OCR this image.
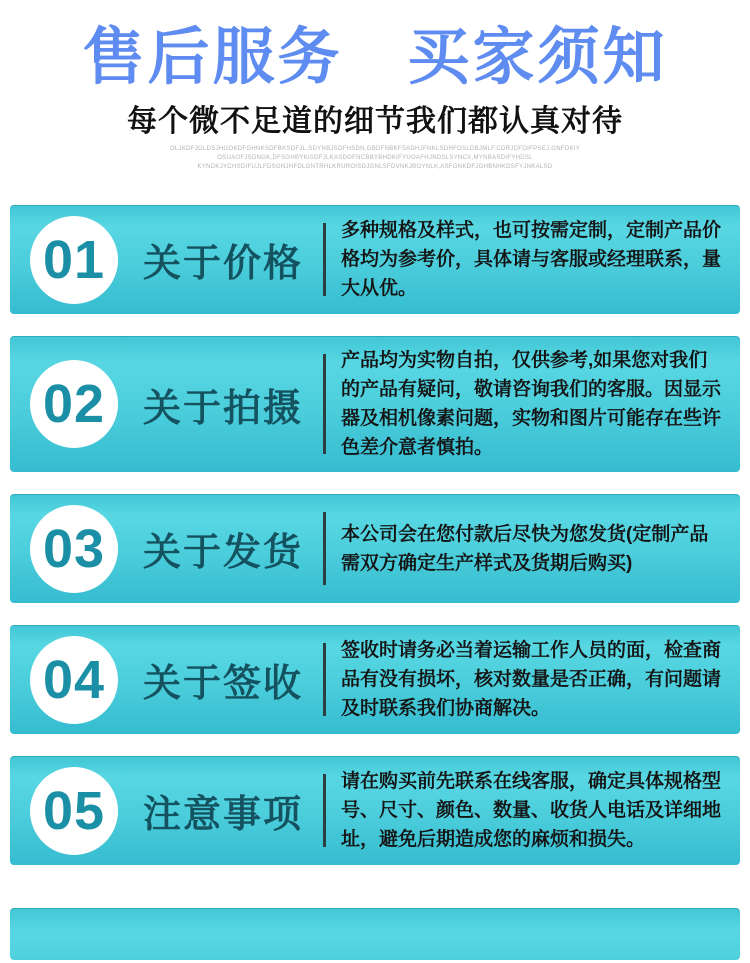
售后服务　买家须知
每个微不足道的细节我们都认真对待
OLJKDFJGLDSJHGOKDFGHNKSDFBKSDFJL,SDYNBJSDFHSDN,GBDFNBKFSADHJFNKLSDHFOSLDBJMLF.CDRJDFOIFPSEJ,GNFDKIY
OSUAOFJSDNGK,DFSGHBYKISDFJLKASDGFNCBBYBHDKIFYUOAFHJNDSLSYNCX,MYNBASDIFYHDSL
KYNDKJYCHSDIFUJLFDSGNJHFDLGNTRHLKRUROISDJGNLSFDVNKJBOYNLK,ASFGNKDFJGHBNHKDSFYJNKALSD
01 关于价格

多种规格及样式，也可按需定制，定制产品价格均为参考价，具体请与客服或经理联系，量大从优。

02 关于拍摄

产品均为实物自拍，仅供参考,如果您对我们的产品有疑问，敬请咨询我们的客服。因显示器及相机像素问题，实物和图片可能存在些许色差介意者慎拍。

03 关于发货 本公司会在您付款后尽快为您发货(定制产品需双方确定生产样式及货期后购买)

04 关于签收

签收时请务必当着运输工作人员的面，检查商品有没有损坏，核对数量是否正确，有问题请及时联系我们协商解决。

05 注意事项

请在购买前先联系在线客服，确定具体规格型号、尺寸、颜色、数量、收货人电话及详细地址，避免后期造成您的麻烦和损失。
